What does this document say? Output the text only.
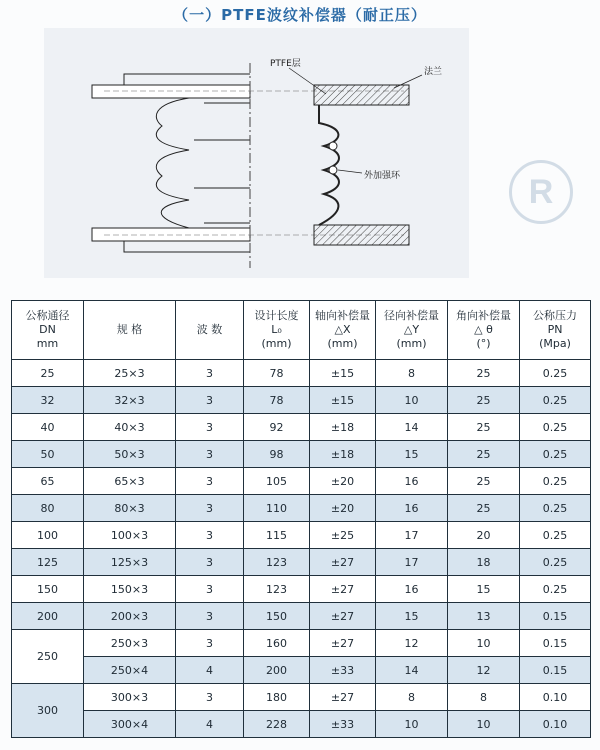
（一）PTFE波纹补偿器（耐正压）
PTFE层
法兰
外加强环	R
公称通径
DN
mm	规 格	波 数	设计长度
L₀
(mm)	轴向补偿量
△X
(mm)	径向补偿量
△Y
(mm)	角向补偿量
△ θ
(°)	公称压力
PN
(Mpa)
25	25×3	3	78	±15	8	25	0.25
32	32×3	3	78	±15	10	25	0.25
40	40×3	3	92	±18	14	25	0.25
50	50×3	3	98	±18	15	25	0.25
65	65×3	3	105	±20	16	25	0.25
80	80×3	3	110	±20	16	25	0.25
100	100×3	3	115	±25	17	20	0.25
125	125×3	3	123	±27	17	18	0.25
150	150×3	3	123	±27	16	15	0.25
200	200×3	3	150	±27	15	13	0.15
250	250×3	3	160	±27	12	10	0.15
	250×4	4	200	±33	14	12	0.15
300	300×3	3	180	±27	8	8	0.10
	300×4	4	228	±33	10	10	0.10
